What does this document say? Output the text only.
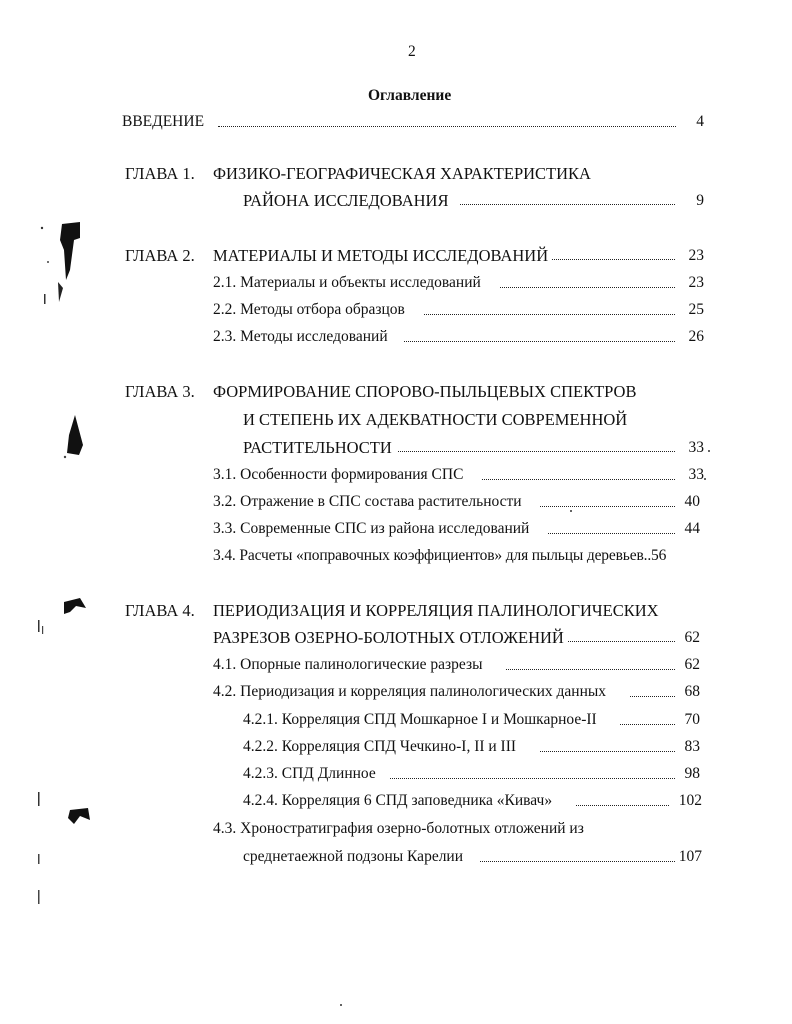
2
Оглавление
ВВЕДЕНИЕ	4
ГЛАВА 1. ФИЗИКО-ГЕОГРАФИЧЕСКАЯ ХАРАКТЕРИСТИКА
РАЙОНА ИССЛЕДОВАНИЯ	9
ГЛАВА 2. МАТЕРИАЛЫ И МЕТОДЫ ИССЛЕДОВАНИЙ	23
2.1. Материалы и объекты исследований	23
2.2. Методы отбора образцов	25
2.3. Методы исследований	26
ГЛАВА 3. ФОРМИРОВАНИЕ СПОРОВО-ПЫЛЬЦЕВЫХ СПЕКТРОВ
И СТЕПЕНЬ ИХ АДЕКВАТНОСТИ СОВРЕМЕННОЙ
РАСТИТЕЛЬНОСТИ	33
3.1. Особенности формирования СПС	33
3.2. Отражение в СПС состава растительности	40
3.3. Современные СПС из района исследований	44
3.4. Расчеты «поправочных коэффициентов» для пыльцы деревьев..56
ГЛАВА 4. ПЕРИОДИЗАЦИЯ И КОРРЕЛЯЦИЯ ПАЛИНОЛОГИЧЕСКИХ
РАЗРЕЗОВ ОЗЕРНО-БОЛОТНЫХ ОТЛОЖЕНИЙ	62
4.1. Опорные палинологические разрезы	62
4.2. Периодизация и корреляция палинологических данных	68
4.2.1. Корреляция СПД Мошкарное I и Мошкарное-II	70
4.2.2. Корреляция СПД Чечкино-I, II и III	83
4.2.3. СПД Длинное	98
4.2.4. Корреляция 6 СПД заповедника «Кивач»	102
4.3. Хроностратиграфия озерно-болотных отложений из
среднетаежной подзоны Карелии	107
